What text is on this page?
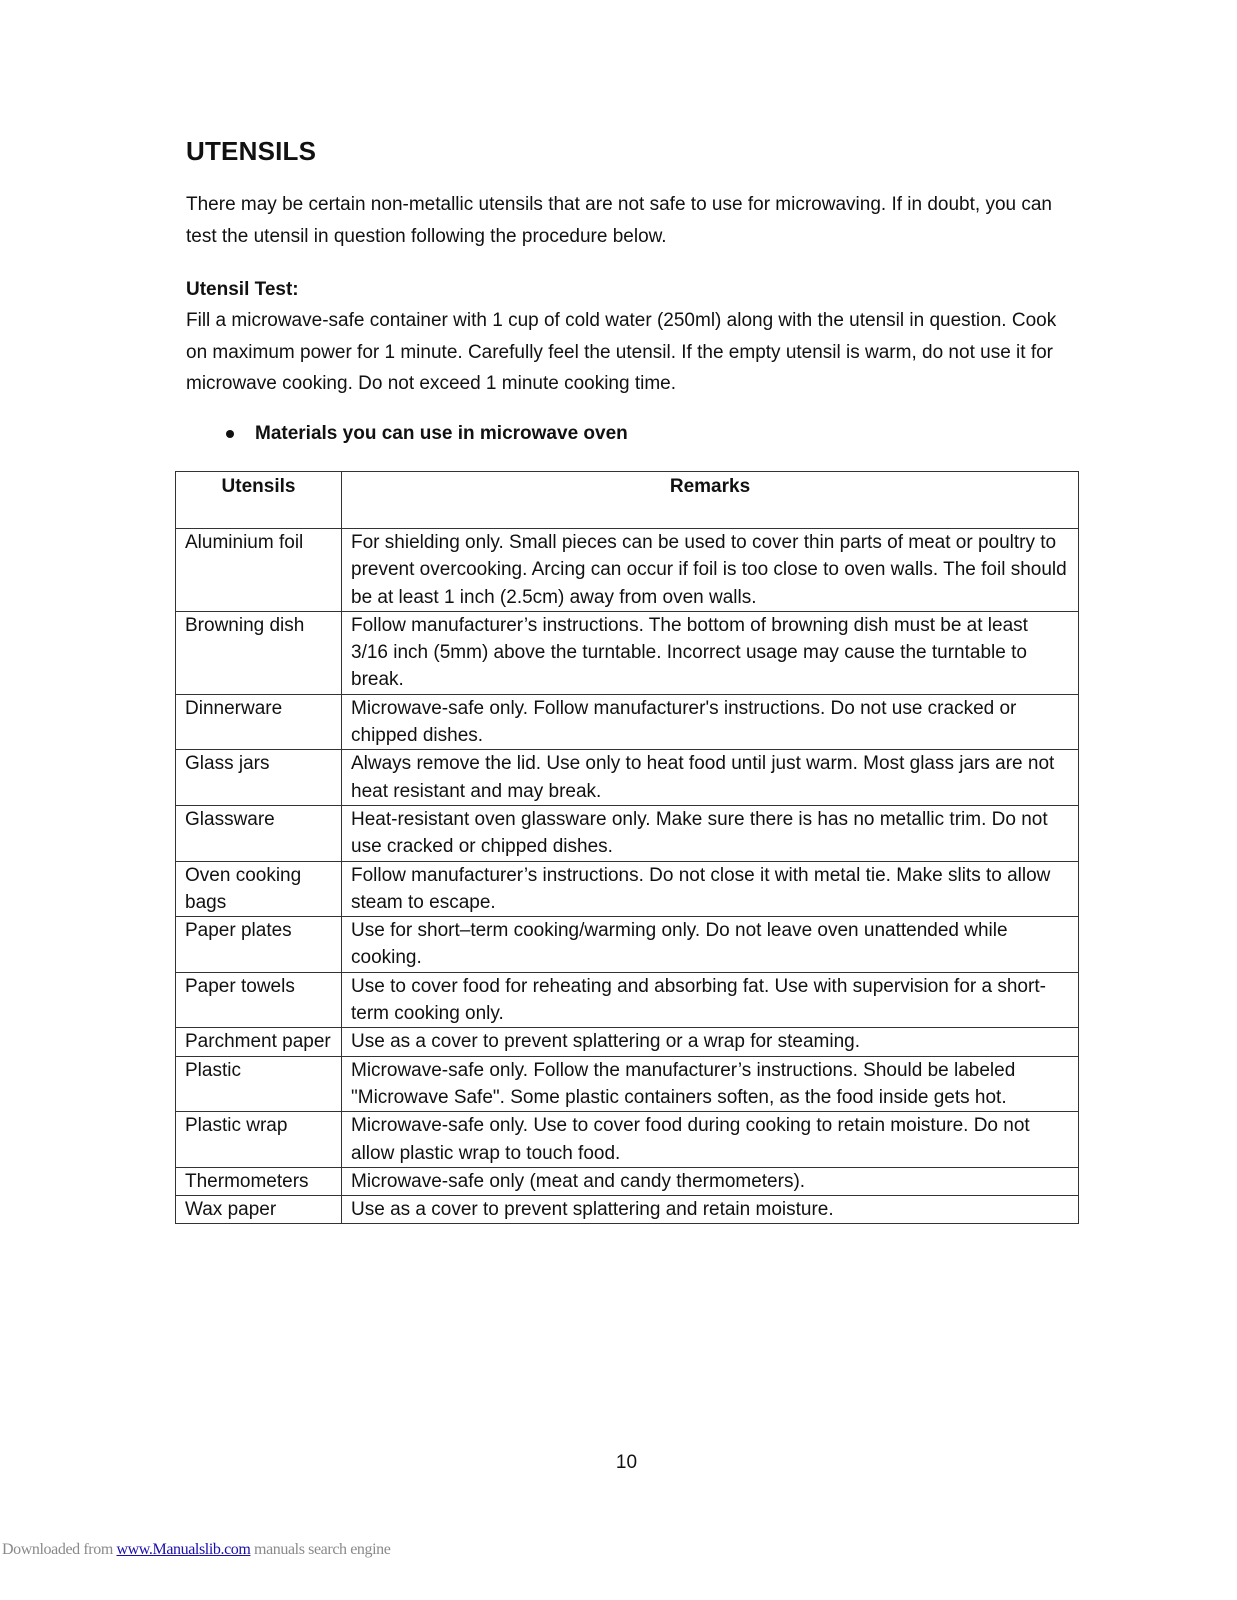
UTENSILS

There may be certain non-metallic utensils that are not safe to use for microwaving. If in doubt, you can test the utensil in question following the procedure below.

Utensil Test:

Fill a microwave-safe container with 1 cup of cold water (250ml) along with the utensil in question. Cook on maximum power for 1 minute. Carefully feel the utensil. If the empty utensil is warm, do not use it for microwave cooking. Do not exceed 1 minute cooking time.

Materials you can use in microwave oven
Utensils	Remarks
Aluminium foil	For shielding only. Small pieces can be used to cover thin parts of meat or poultry to prevent overcooking. Arcing can occur if foil is too close to oven walls. The foil should be at least 1 inch (2.5cm) away from oven walls.
Browning dish	Follow manufacturer’s instructions. The bottom of browning dish must be at least 3/16 inch (5mm) above the turntable. Incorrect usage may cause the turntable to break.
Dinnerware	Microwave-safe only. Follow manufacturer's instructions. Do not use cracked or chipped dishes.
Glass jars	Always remove the lid. Use only to heat food until just warm. Most glass jars are not heat resistant and may break.
Glassware	Heat-resistant oven glassware only. Make sure there is has no metallic trim. Do not use cracked or chipped dishes.
Oven cooking bags	Follow manufacturer’s instructions. Do not close it with metal tie. Make slits to allow steam to escape.
Paper plates	Use for short–term cooking/warming only. Do not leave oven unattended while cooking.
Paper towels	Use to cover food for reheating and absorbing fat. Use with supervision for a short-term cooking only.
Parchment paper	Use as a cover to prevent splattering or a wrap for steaming.
Plastic	Microwave-safe only. Follow the manufacturer’s instructions. Should be labeled "Microwave Safe". Some plastic containers soften, as the food inside gets hot.
Plastic wrap	Microwave-safe only. Use to cover food during cooking to retain moisture. Do not allow plastic wrap to touch food.
Thermometers	Microwave-safe only (meat and candy thermometers).
Wax paper	Use as a cover to prevent splattering and retain moisture.
10
Downloaded from www.Manualslib.com manuals search engine
